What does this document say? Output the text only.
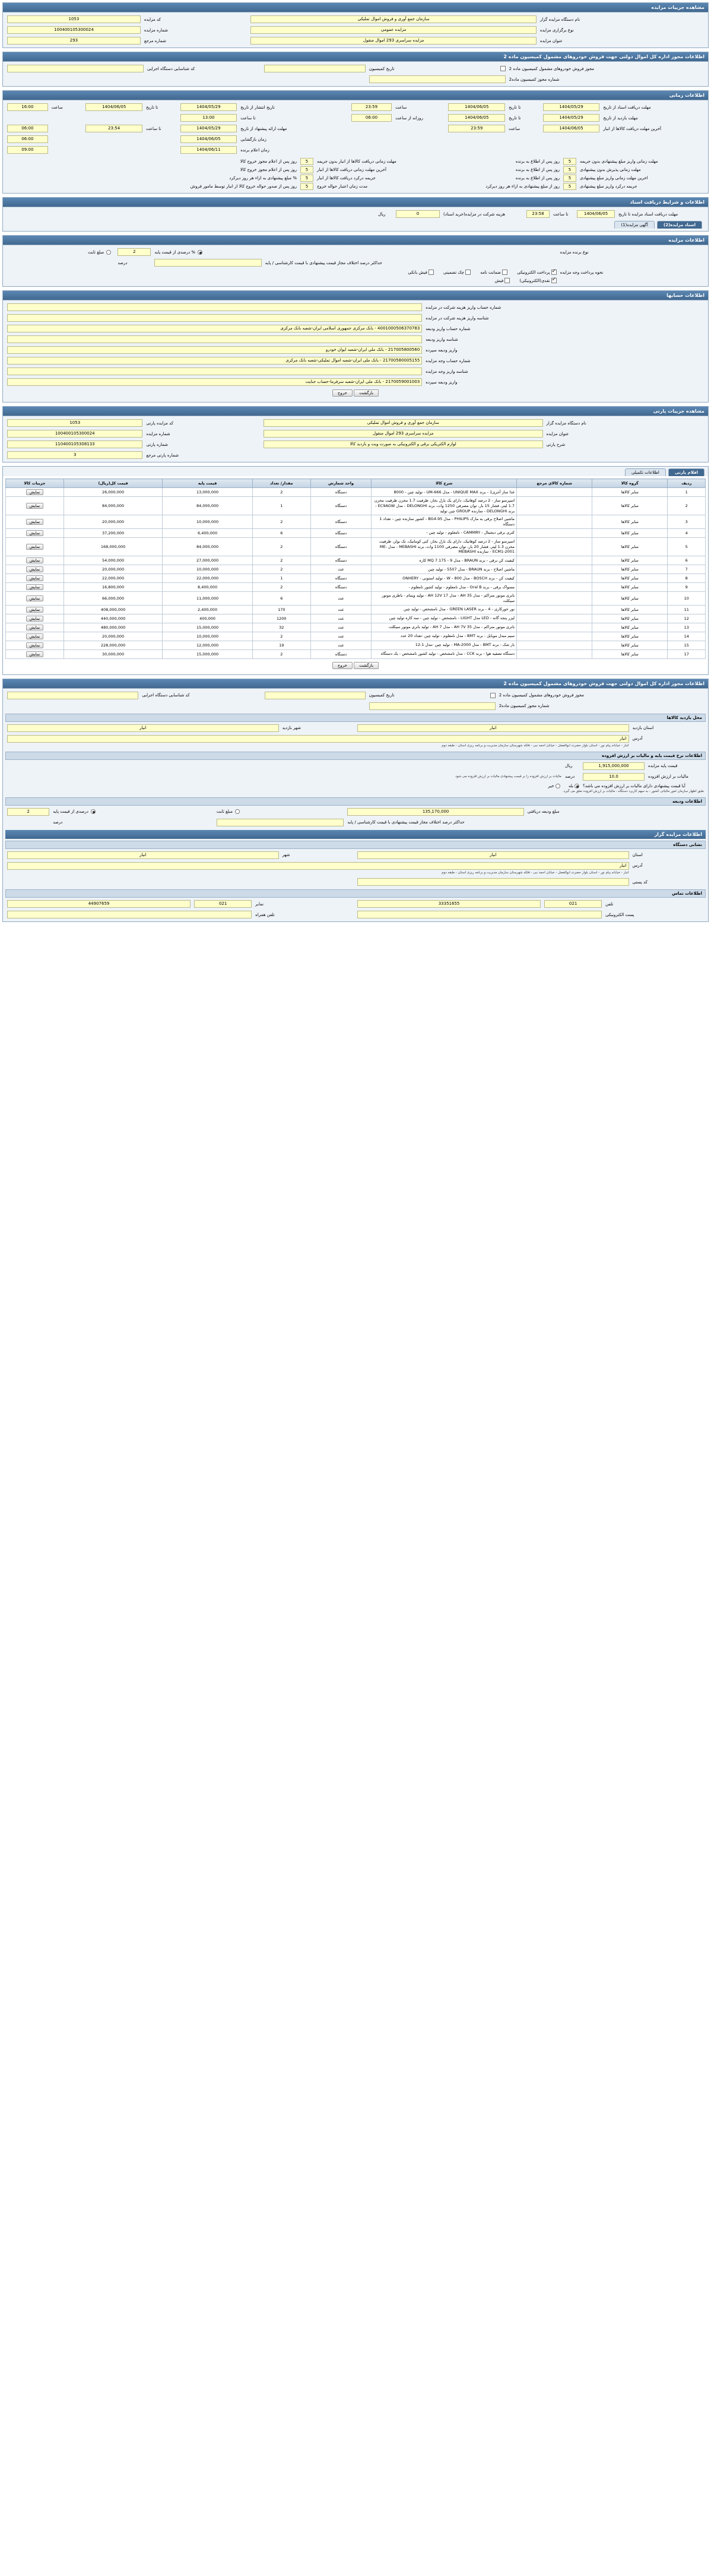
مشاهده جزییات مزایده
نام دستگاه مزایده گزار	سازمان جمع آوری و فروش اموال تملیکی	کد مزایده	1053

نوع برگزاری مزایده	مزایده عمومی	شماره مزایده	100400105300024

عنوان مزایده	مزایده سراسری 293 اموال منقول	شماره مرجع	293
اطلاعات مجوز اداره کل اموال دولتی جهت فروش خودروهای مشمول کمیسیون ماده 2
مجوز فروش خودروهای مشمول کمیسیون ماده 2		تاریخ کمیسیون		کد شناسایی دستگاه اجرایی	

شماره مجوز کمیسیون ماده2				

اطلاعات زمانی
مهلت دریافت اسناد از تاریخ	1404/05/29	تا تاریخ	1404/06/05	ساعت	23:59	تاریخ انتشار از تاریخ	1404/05/29	تا تاریخ	1404/06/05	ساعت	16:00

مهلت بازدید از تاریخ	1404/05/29	تا تاریخ	1404/06/05	روزانه از ساعت	06:00	تا ساعت	13:00				

آخرین مهلت دریافت کالاها از انبار	1404/06/05	ساعت	23:59			مهلت ارائه پیشنهاد از تاریخ	1404/05/29	تا ساعت	23:54		06:00

						زمان بازگشایی	1404/06/05				06:00

						زمان اعلام برنده	1404/06/11				09:00
مهلت زمانی واریز مبلغ پیشنهادی بدون جریمه	5	روز پس از اطلاع به برنده	مهلت زمانی دریافت کالاها از انبار بدون جریمه	5	روز پس از اعلام مجوز خروج کالا
مهلت زمانی پذیرش بدون پیشنهادی	5	روز پس از اطلاع به برنده	آخرین مهلت زمانی دریافت کالاها از انبار	5	روز پس از اعلام مجوز خروج کالا
اخرین مهلت زمانی واریز مبلغ پیشنهادی	5	روز پس از اطلاع به برنده	جریمه درکرد دریافت کالاها از انبار	5	% مبلغ پیشنهادی به ازاء هر روز دیرکرد
جریمه درکرد واریز مبلغ پیشنهادی	5	روز از مبلغ پیشنهادی به ازاء هر روز دیرکرد	مدت زمان اعتبار حواله خروج	5	روز پس از صدور حواله خروج کالا از انبار توسط مامور فروش
اطلاعات و شرایط دریافت اسناد
مهلت دریافت اسناد مزایده تا تاریخ	
1404/06/05
	تا ساعت	
23:58
	هزینه شرکت در مزایده(خرید اسناد)	
0
	ریال	
اسناد مزایده(2) آگهی مزایده(1)
اطلاعات مزایده
نوع برنده مزایده		% درصدی از قیمت پایه	2	مبلغ ثابت

حداکثر درصد اختلاف مجاز قیمت پیشنهادی با قیمت کارشناسی / پایه			درصد	

نحوه پرداخت وجه مزایده	✓پرداخت الکترونیکی ضمانت نامه چک تضمینی فیش بانکی

	✓نقدی(الکترونیکی) فیش
اطلاعات حسابها
شماره حساب واریز هزینه شرکت در مزایده	

شناسه واریز هزینه شرکت در مزایده	

شماره حساب واریز ودیعه	4001000506370783 - بانک مرکزی جمهوری اسلامی ایران-شعبه بانک مرکزی

شناسه واریز ودیعه	

واریز ودیعه سپرده	217005800560 - بانک ملی ایران-شعبه ایوان خودرو

شماره حساب وجه مزایده	21700580005155 - بانک ملی ایران-شعبه اموال تملیکی-شعبه بانک مرکزی

شناسه واریز وجه مزایده	

واریز ودیعه سپرده	2170059001003 - بانک ملی ایران-شعبه سرفرما-حساب جنایت
بازگشت خروج
مشاهده جزییات پارتی
نام دستگاه مزایده گزار	سازمان جمع آوری و فروش اموال تملیکی	کد مزایده پارتی	1053

عنوان مزایده	مزایده سراسری 293 اموال منقول	شماره مزایده	100400105300024

شرح پارتی	لوازم الکتریکی برقی و الکترونیکی به صورت ویت و بازدید کالا	شماره پارتی	110400105308133

		شماره پارتی مرجع	3
اقلام پارتی اطلاعات تکمیلی
ردیف	گروه کالا	شماره کالای مرجع	شرح کالا	واحد شمارش	مقدار/ تعداد	قیمت پایه	قیمت کل(ریال)	جزییات کالا
1	سایر کالاها		غذا ساز آجری1 - برند UNIQUE MAX - مدل UM-666 - تولید چین - 8000	دستگاه	2	13,000,000	26,000,000	نمایش
2	سایر کالاها		اسپرسو ساز - 2 درصد کوهانیک، دارای یک بارل بخار، ظرفیت 1.7 مخزن ظرفیت مخزن 1.7 لیتر، قشار 15 بار، توان مصرفی 1250 وات، برند DELONGHI - مدل EC9AGW - برند DELONGHI - سازنده GROUP چین تولید	دستگاه	1	84,000,000	84,000,000	نمایش
3	سایر کالاها		ماشین اصلاح برقی به مارک PHILIPS - مدل BG4-95 - کشور سازنده چین - تعداد 1 دستگاه	دستگاه	2	10,000,000	20,000,000	نمایش
4	سایر کالاها		کتری برقی دیجیتال - CAMMRY - نامعلوم - تولید چین -	دستگاه	6	6,400,000	37,200,000	نمایش
5	سایر کالاها		اسپرسو ساز - 2 درصد کوهانیک، دارای یک بارل بخار، کنی کوماتیک، تک بولر، ظرفیت مخزن 1.3 لیتر، فشار 20 بار، توان مصرفی 1100 وات، برند MEBASHI - مدل ME-ECM1-2001 - سازنده MEBASHI	دستگاه	2	84,000,000	168,000,000	نمایش
6	سایر کالاها		کیفیت کن برقی - برند BRAUN - مدل MQ 7.175 - 9 کاره	دستگاه	2	27,000,000	54,000,000	نمایش
7	سایر کالاها		ماشین اصلاح - برند BRAUN - مدل 5507 - تولید چین	عدد	2	10,000,000	20,000,000	نمایش
8	سایر کالاها		کیفیت کن - برند BOSCH - مدل 800 - W - تولید استونی - ONHERY	دستگاه	1	22,000,000	22,000,000	نمایش
9	سایر کالاها		مسواک برقی - برند Oral B - مدل نامعلوم - تولید کشور نامعلوم -	دستگاه	2	8,400,000	16,800,000	نمایش
10	سایر کالاها		باتری موتور متراکم - مدل 35 AH - مدل 17 AH 12V - تولید ویتنام - باطری موتور سیکلت	عدد	6	11,000,000	66,000,000	نمایش
11	سایر کالاها		نور خورکاری - 4 - برند GREEN LASER - مدل نامشخص - تولید چین	عدد	170	2,400,000	408,000,000	نمایش
12	سایر کالاها		لیزر پنجه گانه - LED مدل LIGHT - نامشخص - تولید چین - سه کاره تولید چین	عدد	1200	400,000	440,000,000	نمایش
13	سایر کالاها		باتری موتور متراکم - مدل 35 AH 7V - مدل 7 AH - تولید باتری موتور سیکلت	عدد	32	15,000,000	480,000,000	نمایش
14	سایر کالاها		سیم مبدل موبایل - برند BMT - مدل نامعلوم - تولید چین -تعداد 20 عدد	عدد	2	10,000,000	20,000,000	نمایش
15	سایر کالاها		بار شک - برند BMT - مدل MA-2000 - تولید چین -مدل 1-12	عدد	19	12,000,000	228,000,000	نمایش
17	سایر کالاها		دستگاه تصفیه هوا - برند CCK - مدل نامشخص - تولید کشور نامشخص - یک دستگاه	دستگاه	2	15,000,000	30,000,000	نمایش
بازگشت خروج
اطلاعات مجوز اداره کل اموال دولتی جهت فروش خودروهای مشمول کمیسیون ماده 2
مجوز فروش خودروهای مشمول کمیسیون ماده 2		تاریخ کمیسیون		کد شناسایی دستگاه اجرایی	

شماره مجوز کمیسیون ماده2				

محل بازدید کالاها
استان بازدید	انبار	شهر بازدید	انبار

آدرس	انبار		

	انبار - خیابانه پیام نور - استان بلوار حضرت ابوالفضل - خیابان احمد نبی - فلکه شهرستان سازمان مدیریت و برنامه ریزی استان - طبقه دوم		
اطلاعات نرخ قیمت پایه و مالیات بر ارزش افزوده
قیمت پایه مزایده	1,915,000,000	ریال	

مالیات بر ارزش افزوده	10.0	درصد	مالیات بر ارزش افزوده را بر قیمت پیشنهادی مالیات بر ارزش افزوده می شود

آیا قیمت پیشنهادی دارای مالیات بر ارزش افزوده می باشد؟		بله خیر	
طبق اظهار سازمان امور مالیاتی کشور ، به سهم کاربرد دستگاه ، مالیات بر ارزش افزوده تعلق می گیرد.			
اطلاعات ودیعه
مبلغ ودیعه دریافتی	135,170,000	مبلغ ثابت	درصدی از قیمت پایه	2

حداکثر درصد اختلاف مجاز قیمت پیشنهادی با قیمت کارشناسی / پایه			درصد	
اطلاعات مزایده گزار
نشانی دستگاه
استان	انبار	شهر	انبار

آدرس	انبار		

	انبار - خیابانه پیام نور - استان بلوار حضرت ابوالفضل - خیابان احمد نبی - فلکه شهرستان سازمان مدیریت و برنامه ریزی استان - طبقه دوم		

کد پستی		

اطلاعات تماس
تلفن	021	33351655	نمابر	021	44907659

پست الکترونیکی			تلفن همراه		
